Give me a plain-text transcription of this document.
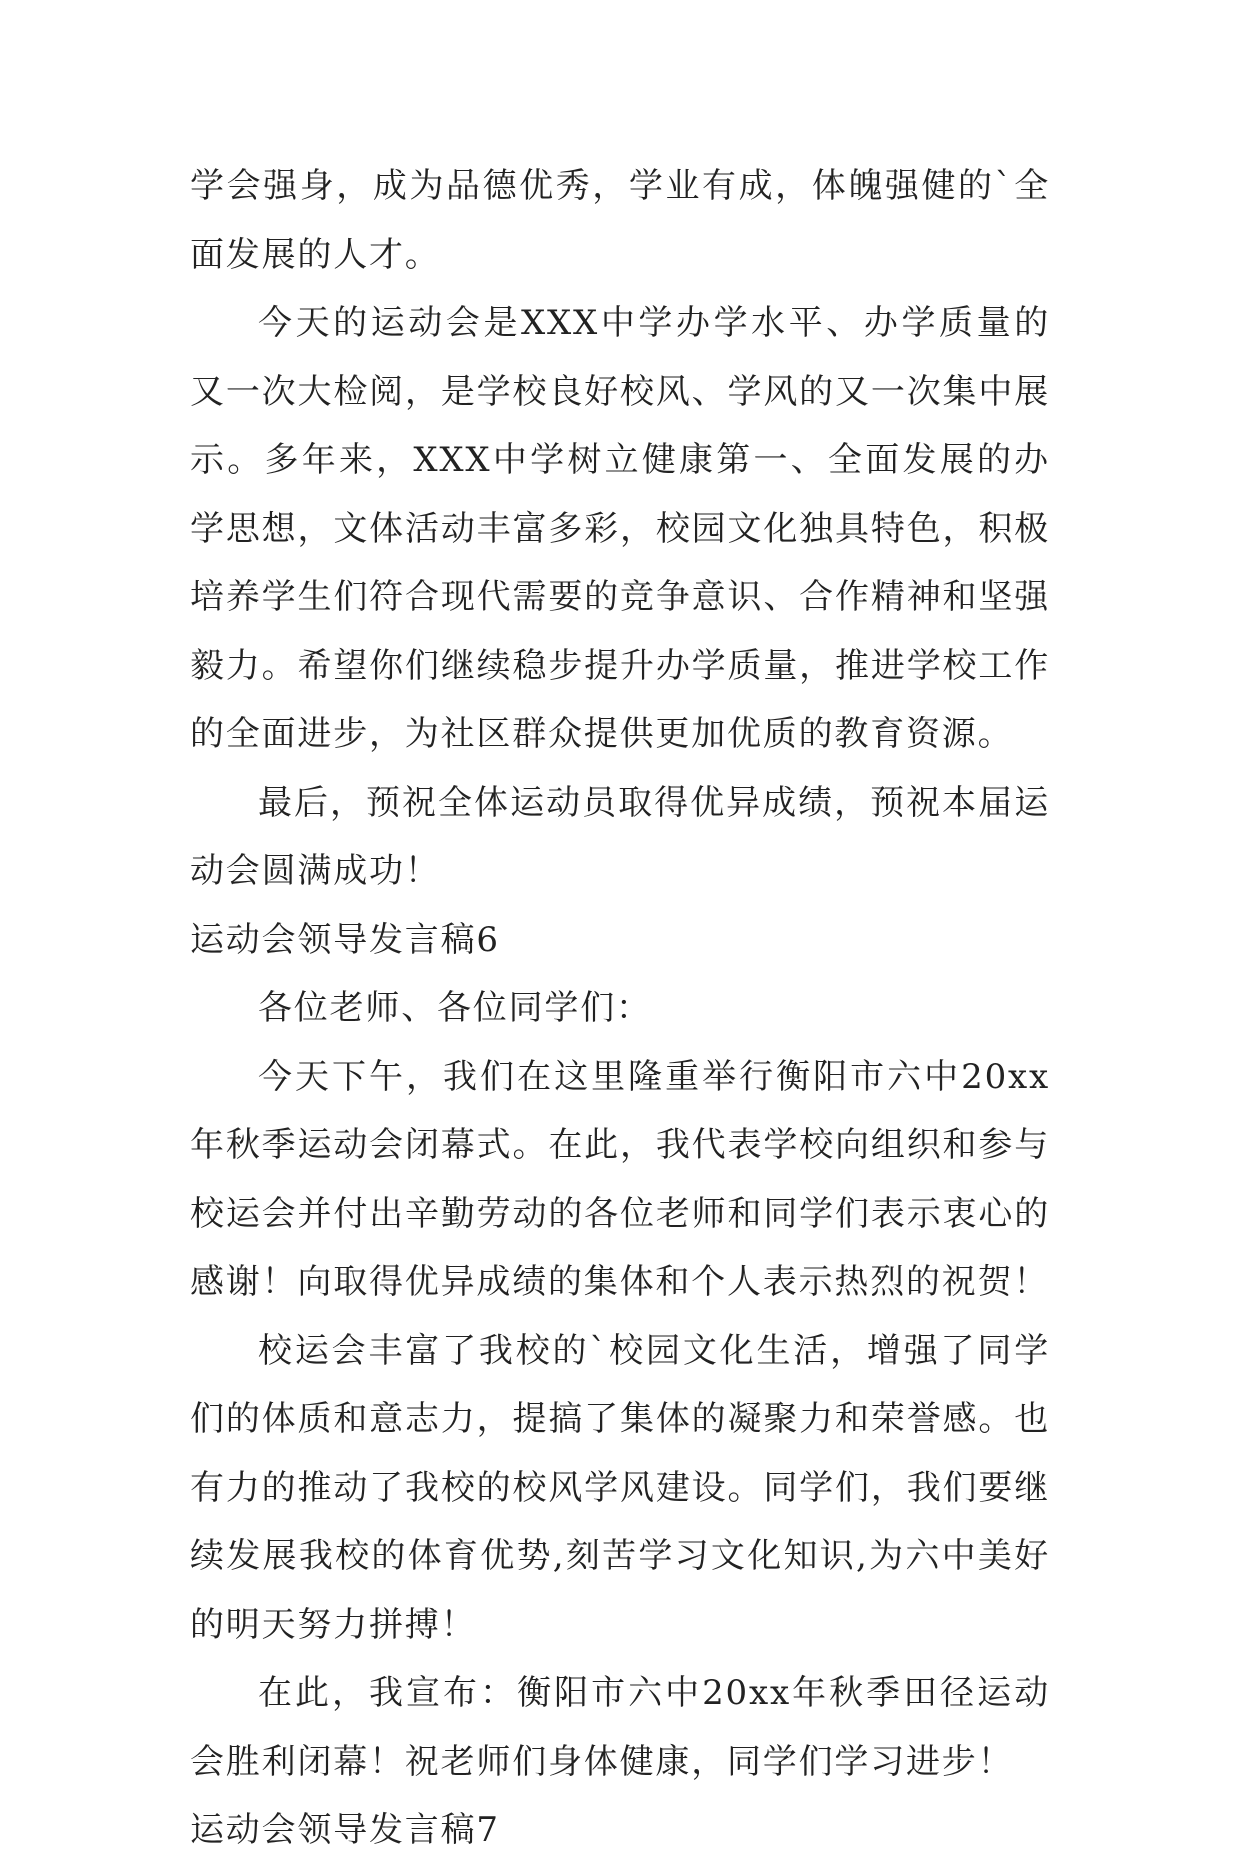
学会强身，成为品德优秀，学业有成，体魄强健的`全面发展的人才。

今天的运动会是XXX中学办学水平、办学质量的又一次大检阅，是学校良好校风、学风的又一次集中展示。多年来，XXX中学树立健康第一、全面发展的办学思想，文体活动丰富多彩，校园文化独具特色，积极培养学生们符合现代需要的竞争意识、合作精神和坚强毅力。希望你们继续稳步提升办学质量，推进学校工作的全面进步，为社区群众提供更加优质的教育资源。

最后，预祝全体运动员取得优异成绩，预祝本届运动会圆满成功！

运动会领导发言稿6

各位老师、各位同学们：

今天下午，我们在这里隆重举行衡阳市六中20xx年秋季运动会闭幕式。在此，我代表学校向组织和参与校运会并付出辛勤劳动的各位老师和同学们表示衷心的感谢！向取得优异成绩的集体和个人表示热烈的祝贺！

校运会丰富了我校的`校园文化生活，增强了同学们的体质和意志力，提搞了集体的凝聚力和荣誉感。也有力的推动了我校的校风学风建设。同学们，我们要继续发展我校的体育优势,刻苦学习文化知识,为六中美好的明天努力拼搏！

在此，我宣布：衡阳市六中20xx年秋季田径运动会胜利闭幕！祝老师们身体健康，同学们学习进步！

运动会领导发言稿7
